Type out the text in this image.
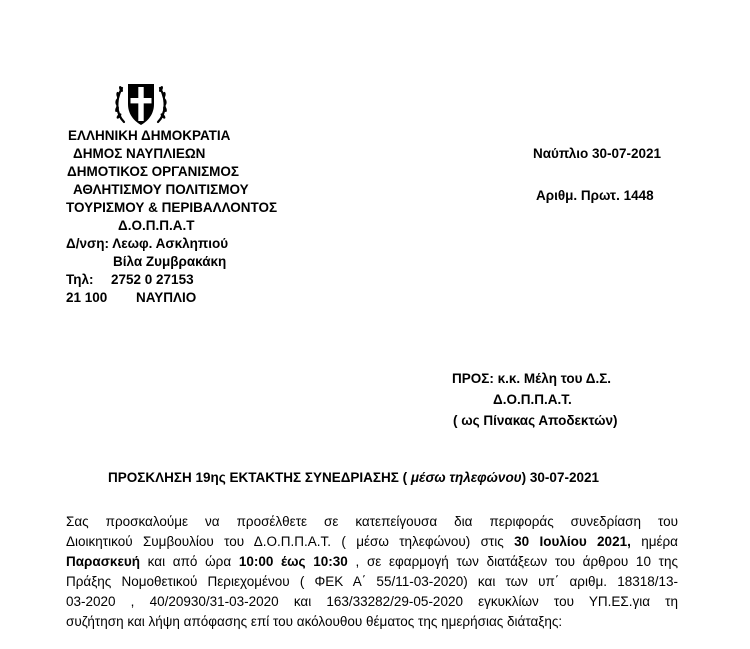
ΕΛΛΗΝΙΚΗ ΔΗΜΟΚΡΑΤΙΑ
ΔΗΜΟΣ ΝΑΥΠΛΙΕΩΝ
ΔΗΜΟΤΙΚΟΣ ΟΡΓΑΝΙΣΜΟΣ
ΑΘΛΗΤΙΣΜΟΥ ΠΟΛΙΤΙΣΜΟΥ
ΤΟΥΡΙΣΜΟΥ & ΠΕΡΙΒΑΛΛΟΝΤΟΣ
Δ.Ο.Π.Π.Α.Τ
Δ/νση: Λεωφ. Ασκληπιού
Βίλα Ζυμβρακάκη
Τηλ: 2752 0 27153
21 100 ΝΑΥΠΛΙΟ
Ναύπλιο 30-07-2021
Αριθμ. Πρωτ. 1448
ΠΡΟΣ: κ.κ. Μέλη του Δ.Σ.
Δ.Ο.Π.Π.Α.Τ.
( ως Πίνακας Αποδεκτών)
ΠΡΟΣΚΛΗΣΗ 19ης ΕΚΤΑΚΤΗΣ ΣΥΝΕΔΡΙΑΣΗΣ ( μέσω τηλεφώνου) 30-07-2021
Σας προσκαλούμε να προσέλθετε σε κατεπείγουσα δια περιφοράς συνεδρίαση του
Διοικητικού Συμβουλίου του Δ.Ο.Π.Π.Α.Τ. ( μέσω τηλεφώνου) στις 30 Ιουλίου 2021, ημέρα
Παρασκευή και από ώρα 10:00 έως 10:30 , σε εφαρμογή των διατάξεων του άρθρου 10 της
Πράξης Νομοθετικού Περιεχομένου ( ΦΕΚ Α΄ 55/11-03-2020) και των υπ΄ αριθμ. 18318/13-
03-2020 , 40/20930/31-03-2020 και 163/33282/29-05-2020 εγκυκλίων του ΥΠ.ΕΣ.για τη
συζήτηση και λήψη απόφασης επί του ακόλουθου θέματος της ημερήσιας διάταξης:
